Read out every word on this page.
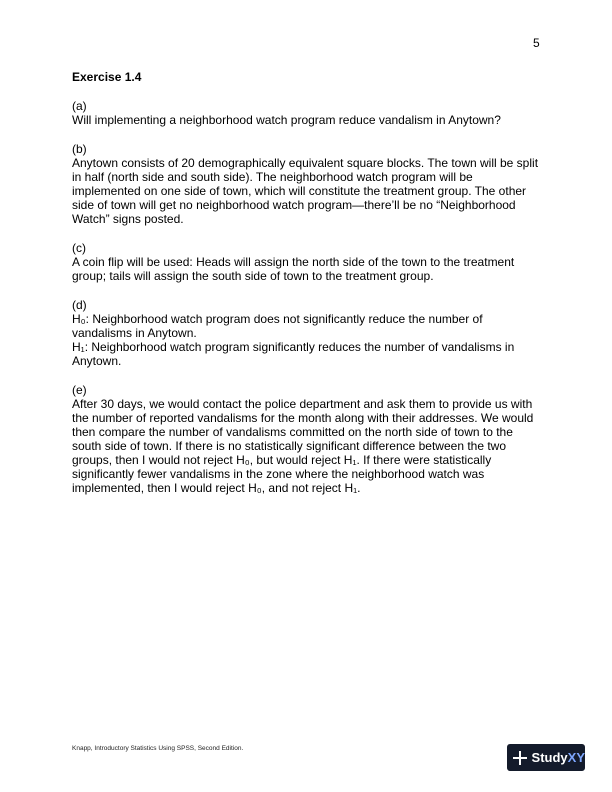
5
Exercise 1.4

(a)

Will implementing a neighborhood watch program reduce vandalism in Anytown?

(b)

Anytown consists of 20 demographically equivalent square blocks. The town will be split in half (north side and south side). The neighborhood watch program will be implemented on one side of town, which will constitute the treatment group. The other side of town will get no neighborhood watch program—there’ll be no “Neighborhood Watch” signs posted.

(c)

A coin flip will be used: Heads will assign the north side of the town to the treatment group; tails will assign the south side of town to the treatment group.

(d)

H₀: Neighborhood watch program does not significantly reduce the number of vandalisms in Anytown.

H₁: Neighborhood watch program significantly reduces the number of vandalisms in Anytown.

(e)

After 30 days, we would contact the police department and ask them to provide us with the number of reported vandalisms for the month along with their addresses. We would then compare the number of vandalisms committed on the north side of town to the south side of town. If there is no statistically significant difference between the two groups, then I would not reject H₀, but would reject H₁. If there were statistically significantly fewer vandalisms in the zone where the neighborhood watch was implemented, then I would reject H₀, and not reject H₁.

Knapp, Introductory Statistics Using SPSS, Second Edition.
Study XY
